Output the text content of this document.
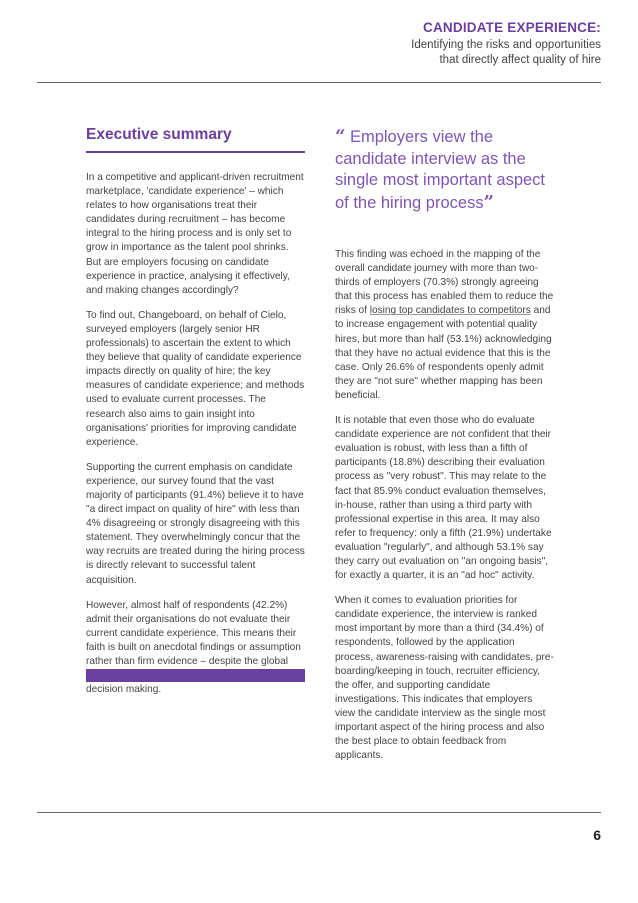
CANDIDATE EXPERIENCE:
Identifying the risks and opportunities
that directly affect quality of hire
Executive summary

In a competitive and applicant-driven recruitment marketplace, 'candidate experience' – which relates to how organisations treat their candidates during recruitment – has become integral to the hiring process and is only set to grow in importance as the talent pool shrinks. But are employers focusing on candidate experience in practice, analysing it effectively, and making changes accordingly?

To find out, Changeboard, on behalf of Cielo, surveyed employers (largely senior HR professionals) to ascertain the extent to which they believe that quality of candidate experience impacts directly on quality of hire; the key measures of candidate experience; and methods used to evaluate current processes. The research also aims to gain insight into organisations' priorities for improving candidate experience.

Supporting the current emphasis on candidate experience, our survey found that the vast majority of participants (91.4%) believe it to have "a direct impact on quality of hire" with less than 4% disagreeing or strongly disagreeing with this statement. They overwhelmingly concur that the way recruits are treated during the hiring process is directly relevant to successful talent acquisition.

However, almost half of respondents (42.2%) admit their organisations do not evaluate their current candidate experience. This means their faith is built on anecdotal findings or assumption rather than firm evidence – despite the global decision making.

“ Employers view the candidate interview as the single most important aspect of the hiring process”

This finding was echoed in the mapping of the overall candidate journey with more than two-thirds of employers (70.3%) strongly agreeing that this process has enabled them to reduce the risks of losing top candidates to competitors and to increase engagement with potential quality hires, but more than half (53.1%) acknowledging that they have no actual evidence that this is the case. Only 26.6% of respondents openly admit they are "not sure" whether mapping has been beneficial.

It is notable that even those who do evaluate candidate experience are not confident that their evaluation is robust, with less than a fifth of participants (18.8%) describing their evaluation process as "very robust". This may relate to the fact that 85.9% conduct evaluation themselves, in-house, rather than using a third party with professional expertise in this area. It may also refer to frequency: only a fifth (21.9%) undertake evaluation "regularly", and although 53.1% say they carry out evaluation on "an ongoing basis", for exactly a quarter, it is an "ad hoc" activity.

When it comes to evaluation priorities for candidate experience, the interview is ranked most important by more than a third (34.4%) of respondents, followed by the application process, awareness-raising with candidates, pre-boarding/keeping in touch, recruiter efficiency, the offer, and supporting candidate investigations. This indicates that employers view the candidate interview as the single most important aspect of the hiring process and also the best place to obtain feedback from applicants.

6
